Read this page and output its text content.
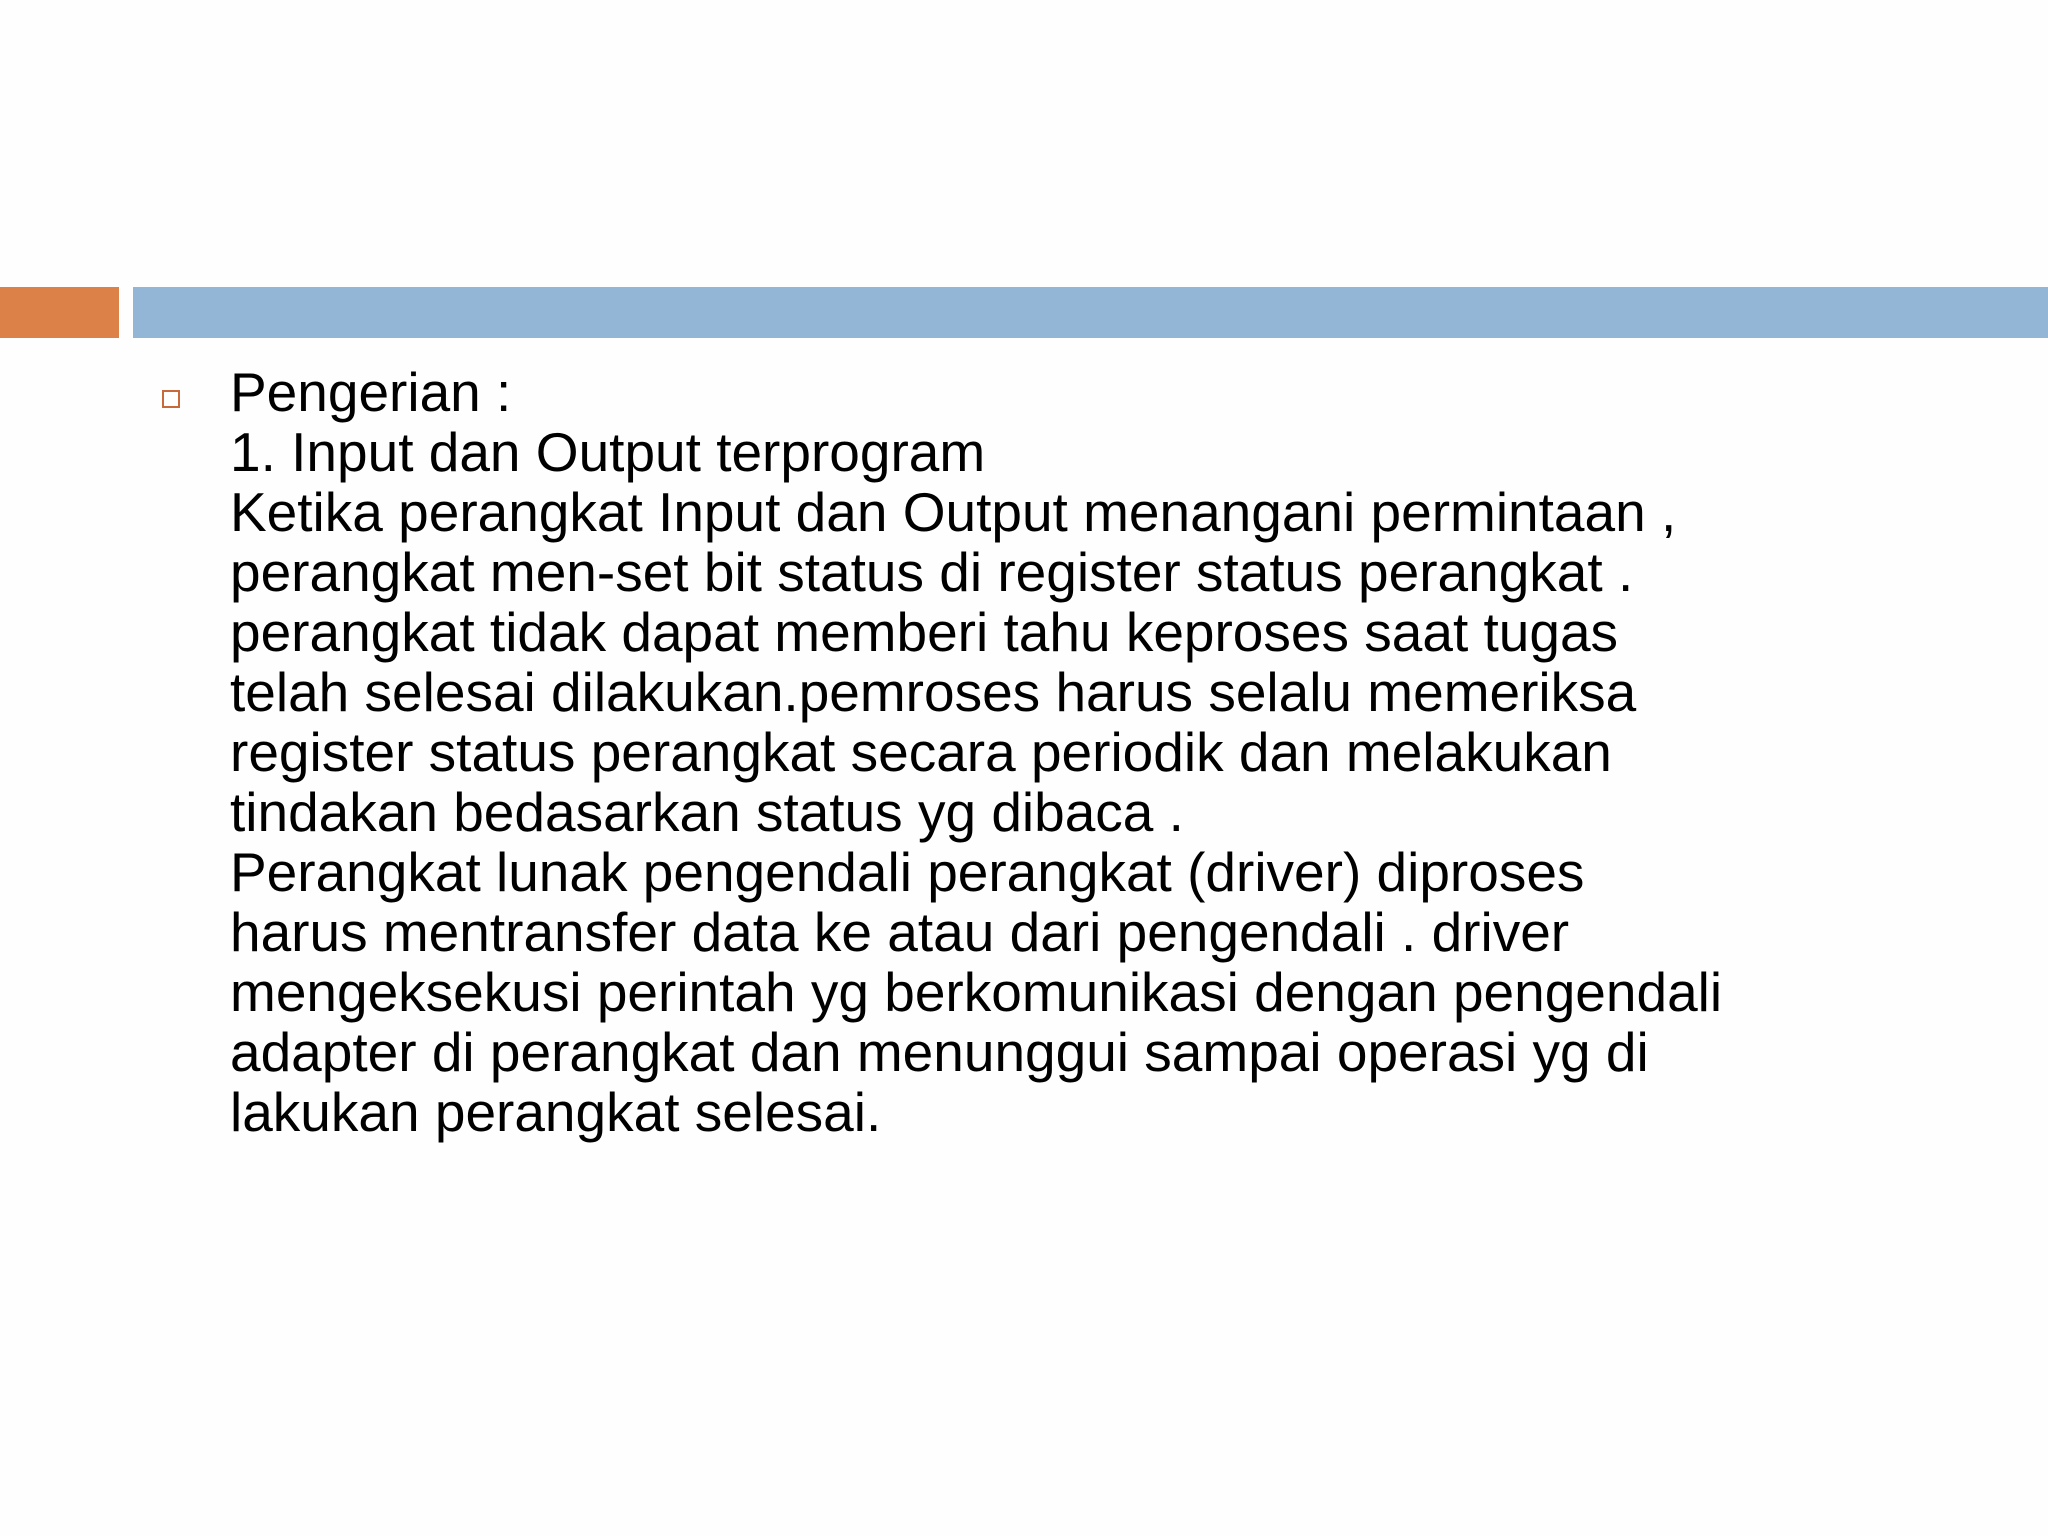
Pengerian :
1. Input dan Output terprogram
Ketika perangkat Input dan Output menangani permintaan ,
perangkat men-set bit status di register status perangkat .
perangkat tidak dapat memberi tahu keproses saat tugas
telah selesai dilakukan.pemroses harus selalu memeriksa
register status perangkat secara periodik dan melakukan
tindakan bedasarkan status yg dibaca .
Perangkat lunak pengendali perangkat (driver) diproses
harus mentransfer data ke atau dari pengendali . driver
mengeksekusi perintah yg berkomunikasi dengan pengendali
adapter di perangkat dan menunggui sampai operasi yg di
lakukan perangkat selesai.
